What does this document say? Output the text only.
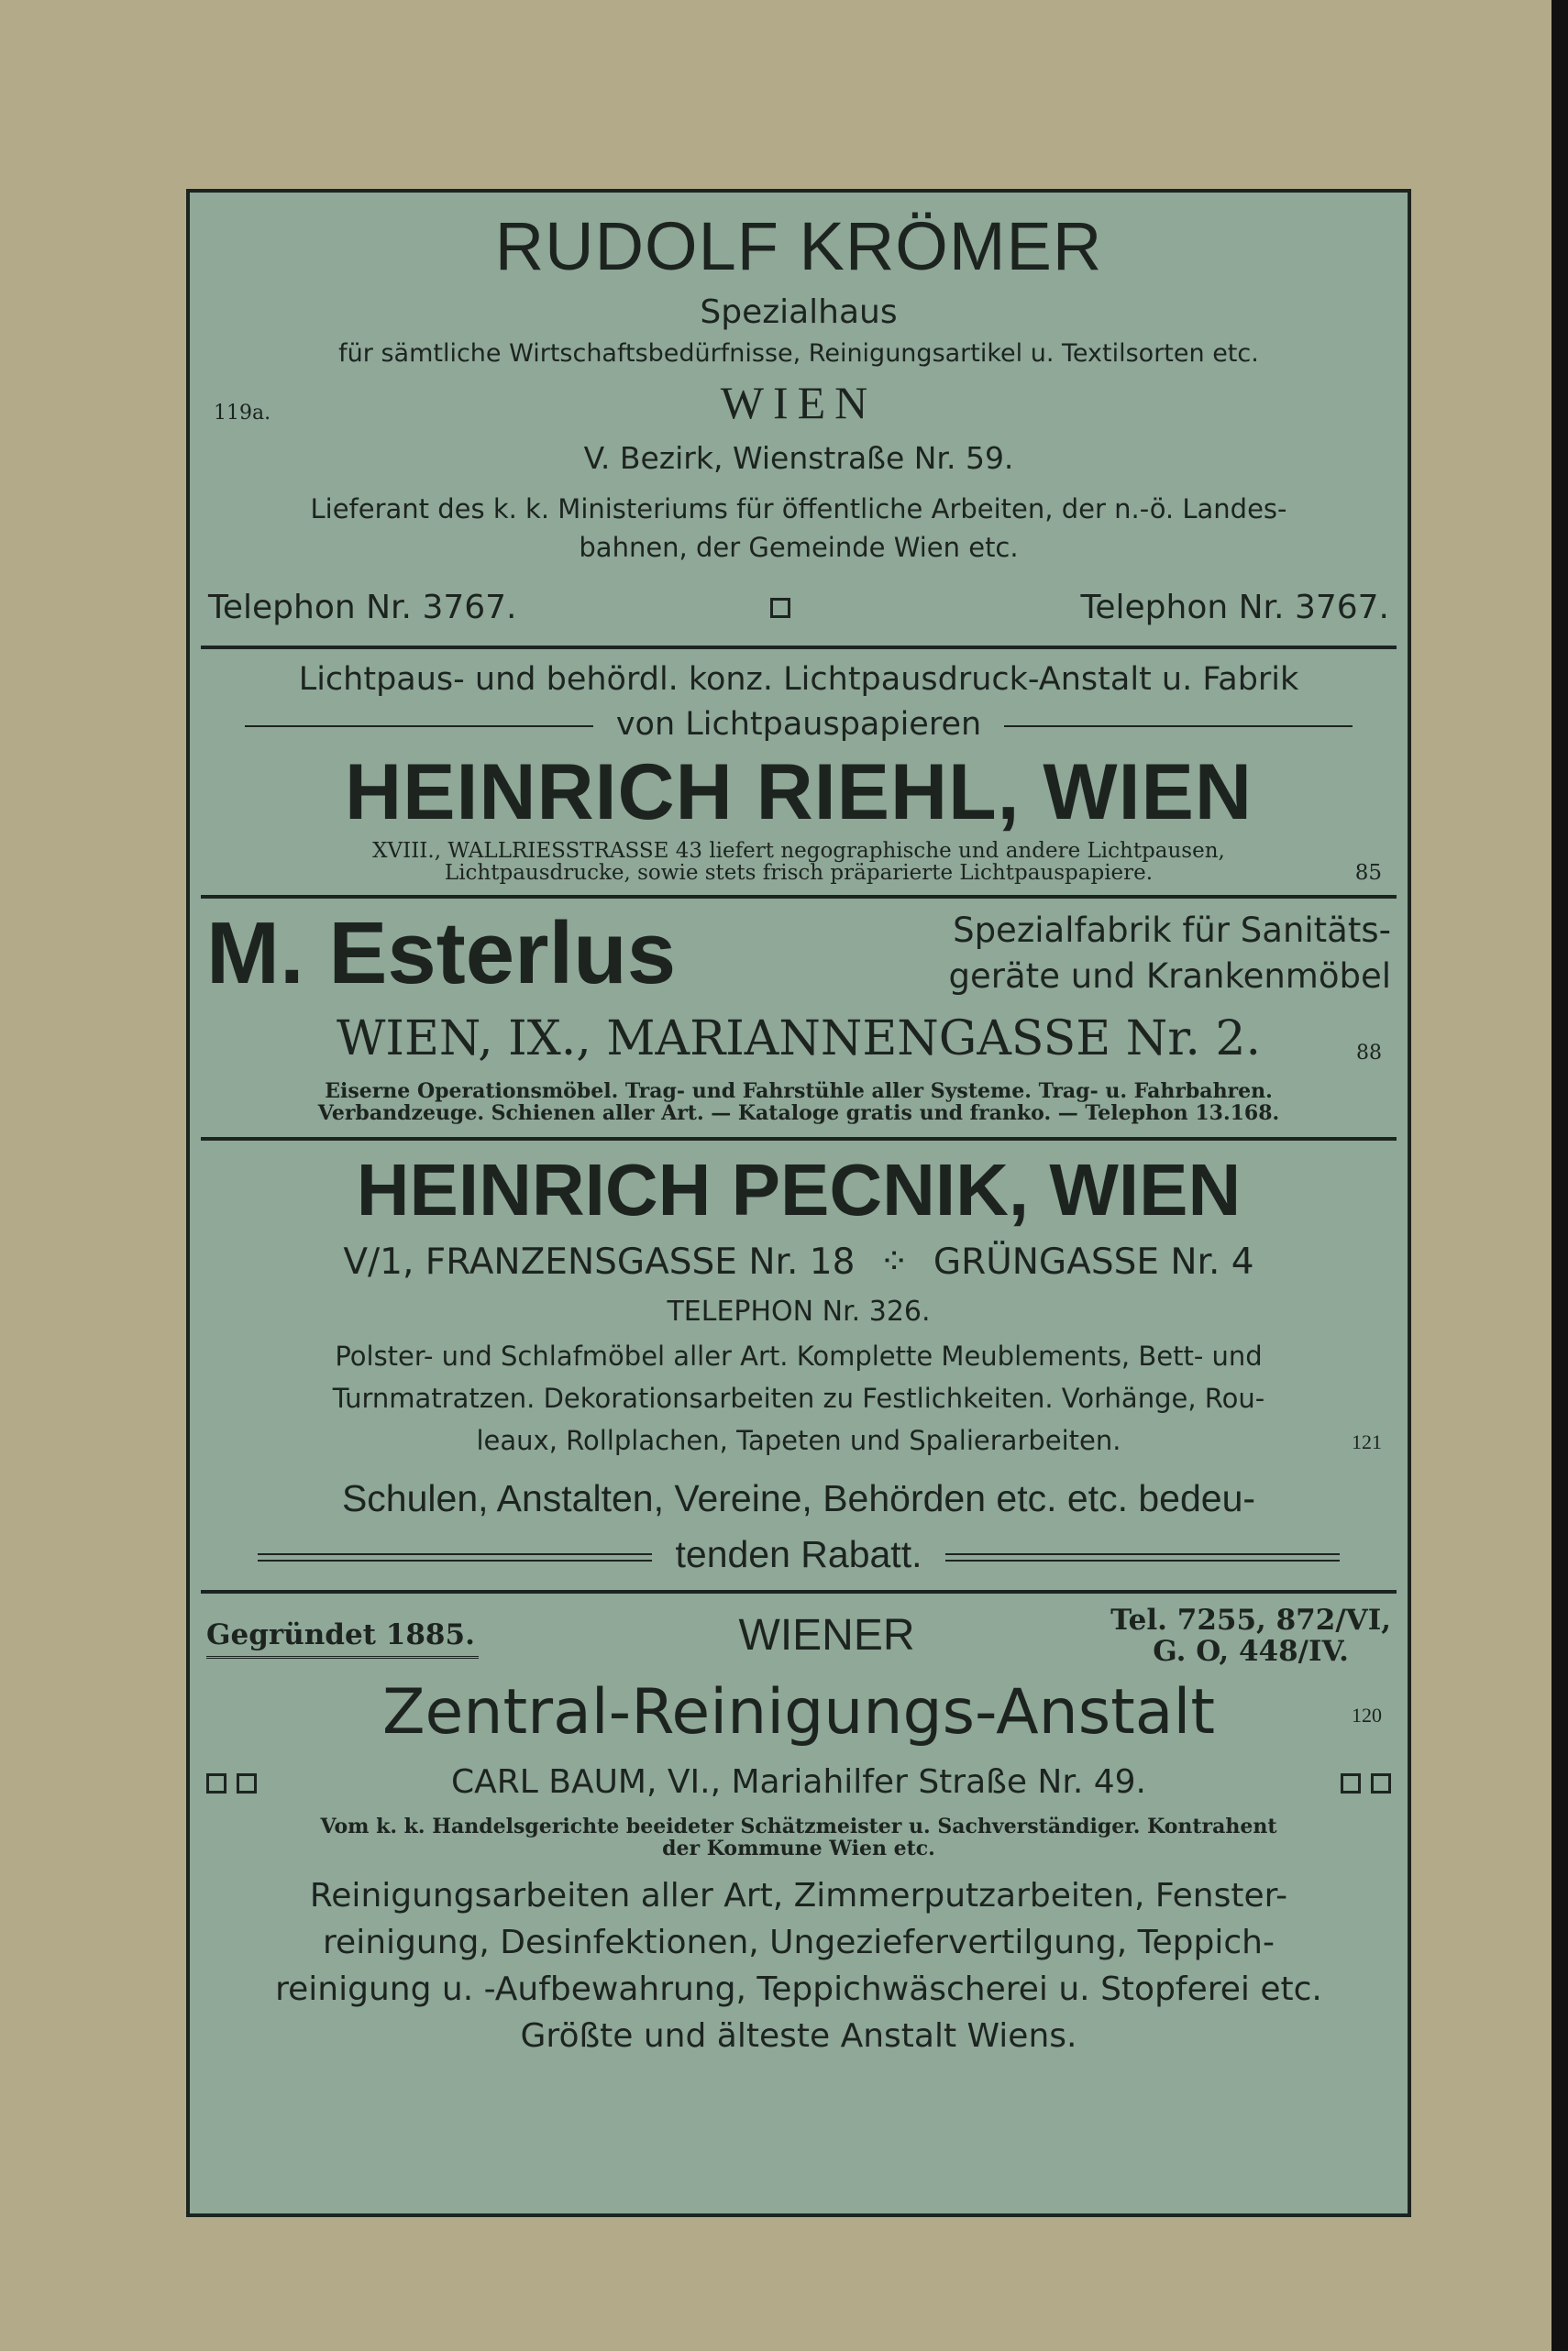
RUDOLF KRÖMER
Spezialhaus
für sämtliche Wirtschaftsbedürfnisse, Reinigungsartikel u. Textilsorten etc.
119a.	WIEN
V. Bezirk, Wienstraße Nr. 59.
Lieferant des k. k. Ministeriums für öffentliche Arbeiten, der n.-ö. Landes-
bahnen, der Gemeinde Wien etc.
Telephon Nr. 3767.	Telephon Nr. 3767.
Lichtpaus- und behördl. konz. Lichtpausdruck-Anstalt u. Fabrik
von Lichtpauspapieren
HEINRICH RIEHL, WIEN
XVIII., WALLRIESSTRASSE 43 liefert negographische und andere Lichtpausen,
Lichtpausdrucke, sowie stets frisch präparierte Lichtpauspapiere.	85
M. Esterlus	Spezialfabrik für Sanitäts-
geräte und Krankenmöbel
WIEN, IX., MARIANNENGASSE Nr. 2.	88
Eiserne Operationsmöbel. Trag- und Fahrstühle aller Systeme. Trag- u. Fahrbahren.
Verbandzeuge. Schienen aller Art. — Kataloge gratis und franko. — Telephon 13.168.
HEINRICH PECNIK, WIEN
V/1, FRANZENSGASSE Nr. 18 ⁘ GRÜNGASSE Nr. 4
TELEPHON Nr. 326.
Polster- und Schlafmöbel aller Art. Komplette Meublements, Bett- und
Turnmatratzen. Dekorationsarbeiten zu Festlichkeiten. Vorhänge, Rou-
leaux, Rollplachen, Tapeten und Spalierarbeiten.	121
Schulen, Anstalten, Vereine, Behörden etc. etc. bedeu-
tenden Rabatt.
Gegründet 1885.	WIENER	Tel. 7255, 872/VI,
G. O, 448/IV.
Zentral-Reinigungs-Anstalt	120

CARL BAUM, VI., Mariahilfer Straße Nr. 49.

Vom k. k. Handelsgerichte beeideter Schätzmeister u. Sachverständiger. Kontrahent
der Kommune Wien etc.
Reinigungsarbeiten aller Art, Zimmerputzarbeiten, Fenster-
reinigung, Desinfektionen, Ungeziefervertilgung, Teppich-
reinigung u. -Aufbewahrung, Teppichwäscherei u. Stopferei etc.
Größte und älteste Anstalt Wiens.
